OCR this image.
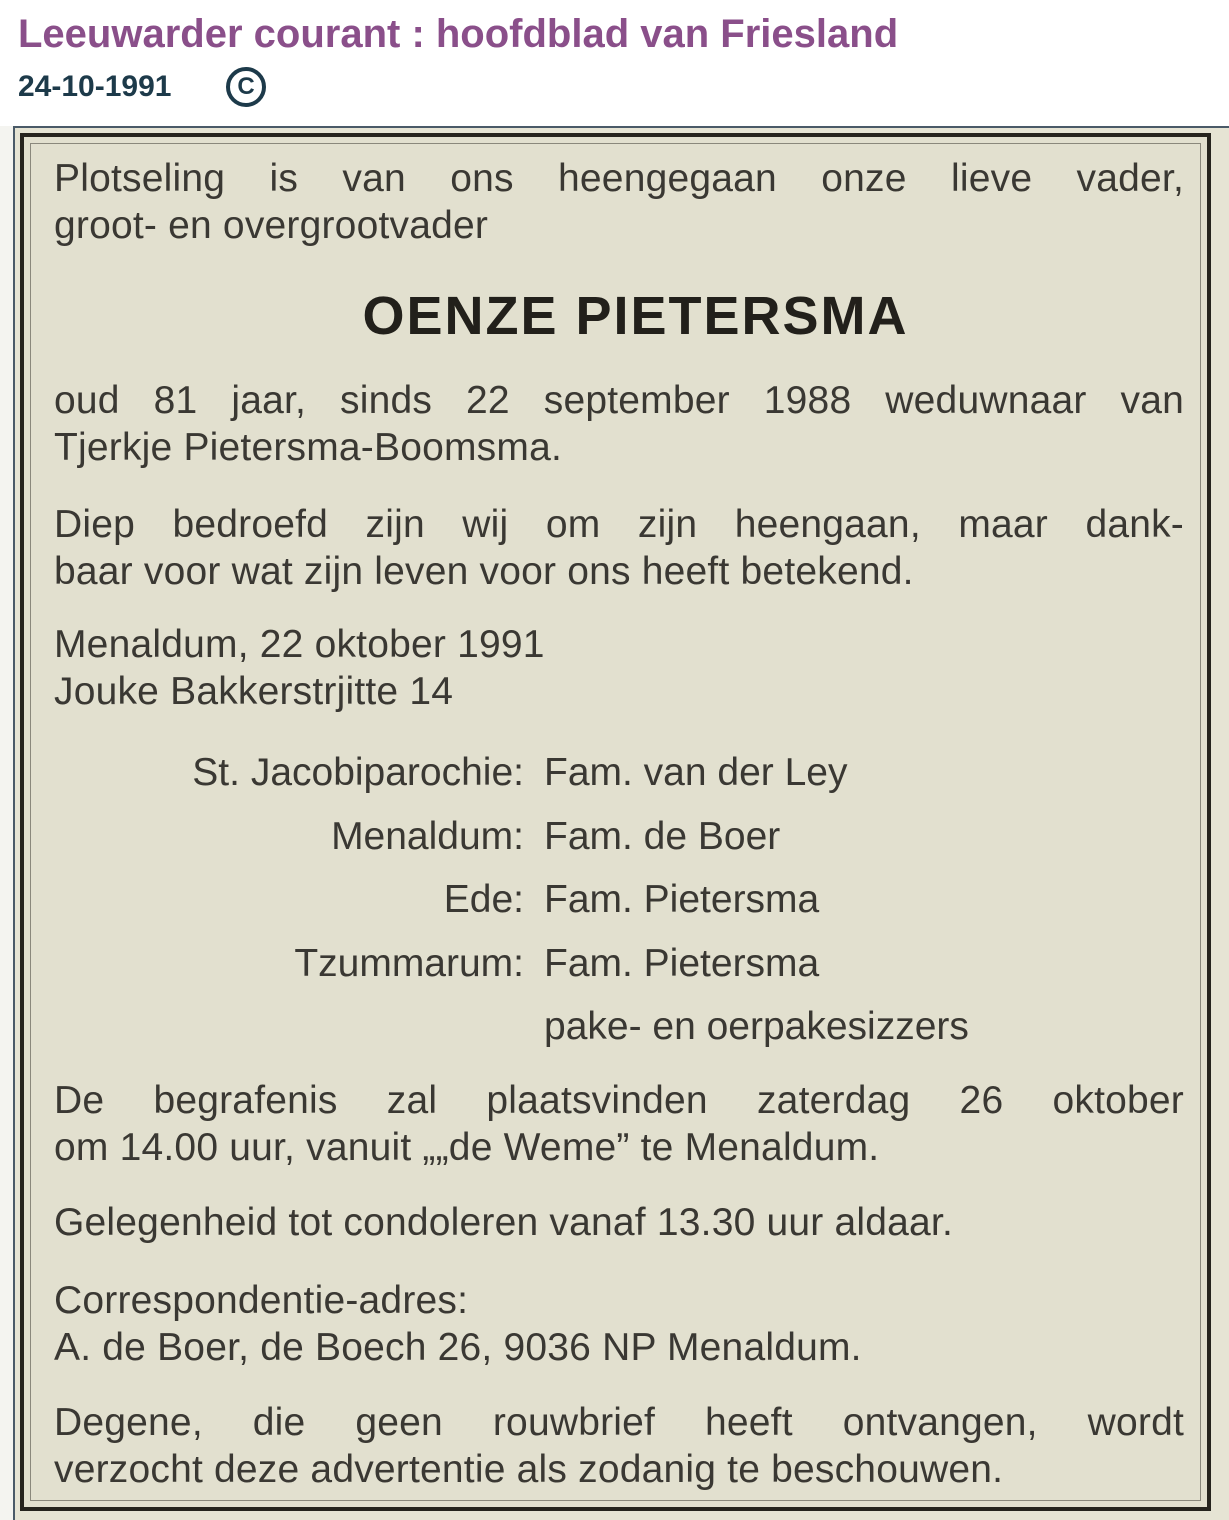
Leeuwarder courant : hoofdblad van Friesland
24-10-1991	C
Plotseling is van ons heengegaan onze lieve vader,
groot- en overgrootvader
OENZE PIETERSMA
oud 81 jaar, sinds 22 september 1988 weduwnaar van
Tjerkje Pietersma-Boomsma.
Diep bedroefd zijn wij om zijn heengaan, maar dank-
baar voor wat zijn leven voor ons heeft betekend.
Menaldum, 22 oktober 1991
Jouke Bakkerstrjitte 14
St. Jacobiparochie: Fam. van der Ley
Menaldum: Fam. de Boer
Ede: Fam. Pietersma
Tzummarum: Fam. Pietersma
pake- en oerpakesizzers
De begrafenis zal plaatsvinden zaterdag 26 oktober
om 14.00 uur, vanuit „„de Weme” te Menaldum.
Gelegenheid tot condoleren vanaf 13.30 uur aldaar.
Correspondentie-adres:
A. de Boer, de Boech 26, 9036 NP Menaldum.
Degene, die geen rouwbrief heeft ontvangen, wordt
verzocht deze advertentie als zodanig te beschouwen.
